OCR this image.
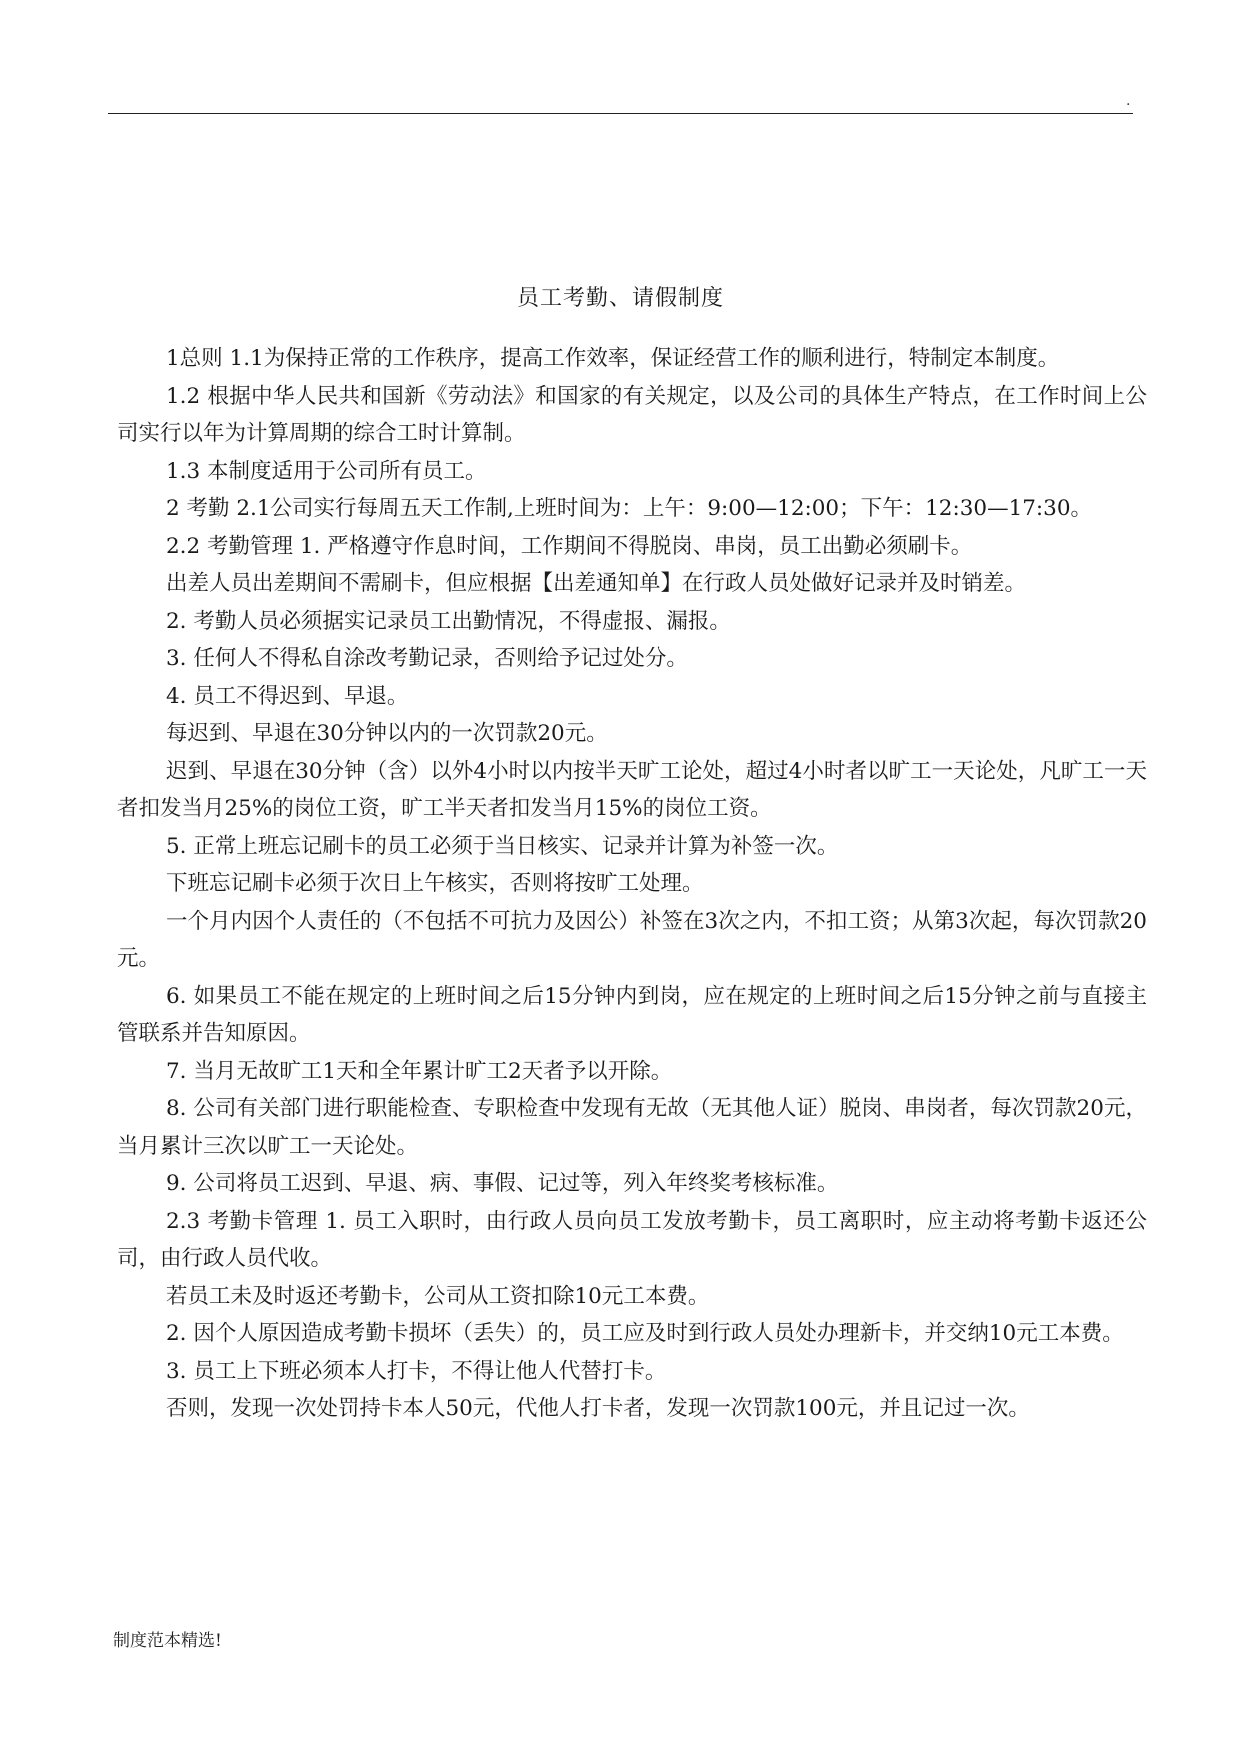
.
员工考勤、请假制度

1总则 1.1为保持正常的工作秩序，提高工作效率，保证经营工作的顺利进行，特制定本制度。

1.2 根据中华人民共和国新《劳动法》和国家的有关规定，以及公司的具体生产特点，在工作时间上公司实行以年为计算周期的综合工时计算制。

1.3 本制度适用于公司所有员工。

2 考勤 2.1公司实行每周五天工作制,上班时间为：上午：9:00—12:00；下午：12:30—17:30。

2.2 考勤管理 1. 严格遵守作息时间，工作期间不得脱岗、串岗，员工出勤必须刷卡。

出差人员出差期间不需刷卡，但应根据【出差通知单】在行政人员处做好记录并及时销差。

2. 考勤人员必须据实记录员工出勤情况，不得虚报、漏报。

3. 任何人不得私自涂改考勤记录，否则给予记过处分。

4. 员工不得迟到、早退。

每迟到、早退在30分钟以内的一次罚款20元。

迟到、早退在30分钟（含）以外4小时以内按半天旷工论处，超过4小时者以旷工一天论处，凡旷工一天者扣发当月25%的岗位工资，旷工半天者扣发当月15%的岗位工资。

5. 正常上班忘记刷卡的员工必须于当日核实、记录并计算为补签一次。

下班忘记刷卡必须于次日上午核实，否则将按旷工处理。

一个月内因个人责任的（不包括不可抗力及因公）补签在3次之内，不扣工资；从第3次起，每次罚款20元。

6. 如果员工不能在规定的上班时间之后15分钟内到岗，应在规定的上班时间之后15分钟之前与直接主管联系并告知原因。

7. 当月无故旷工1天和全年累计旷工2天者予以开除。

8. 公司有关部门进行职能检查、专职检查中发现有无故（无其他人证）脱岗、串岗者，每次罚款20元，当月累计三次以旷工一天论处。

9. 公司将员工迟到、早退、病、事假、记过等，列入年终奖考核标准。

2.3 考勤卡管理 1. 员工入职时，由行政人员向员工发放考勤卡，员工离职时，应主动将考勤卡返还公司，由行政人员代收。

若员工未及时返还考勤卡，公司从工资扣除10元工本费。

2. 因个人原因造成考勤卡损坏（丢失）的，员工应及时到行政人员处办理新卡，并交纳10元工本费。

3. 员工上下班必须本人打卡，不得让他人代替打卡。

否则，发现一次处罚持卡本人50元，代他人打卡者，发现一次罚款100元，并且记过一次。

制度范本精选!
